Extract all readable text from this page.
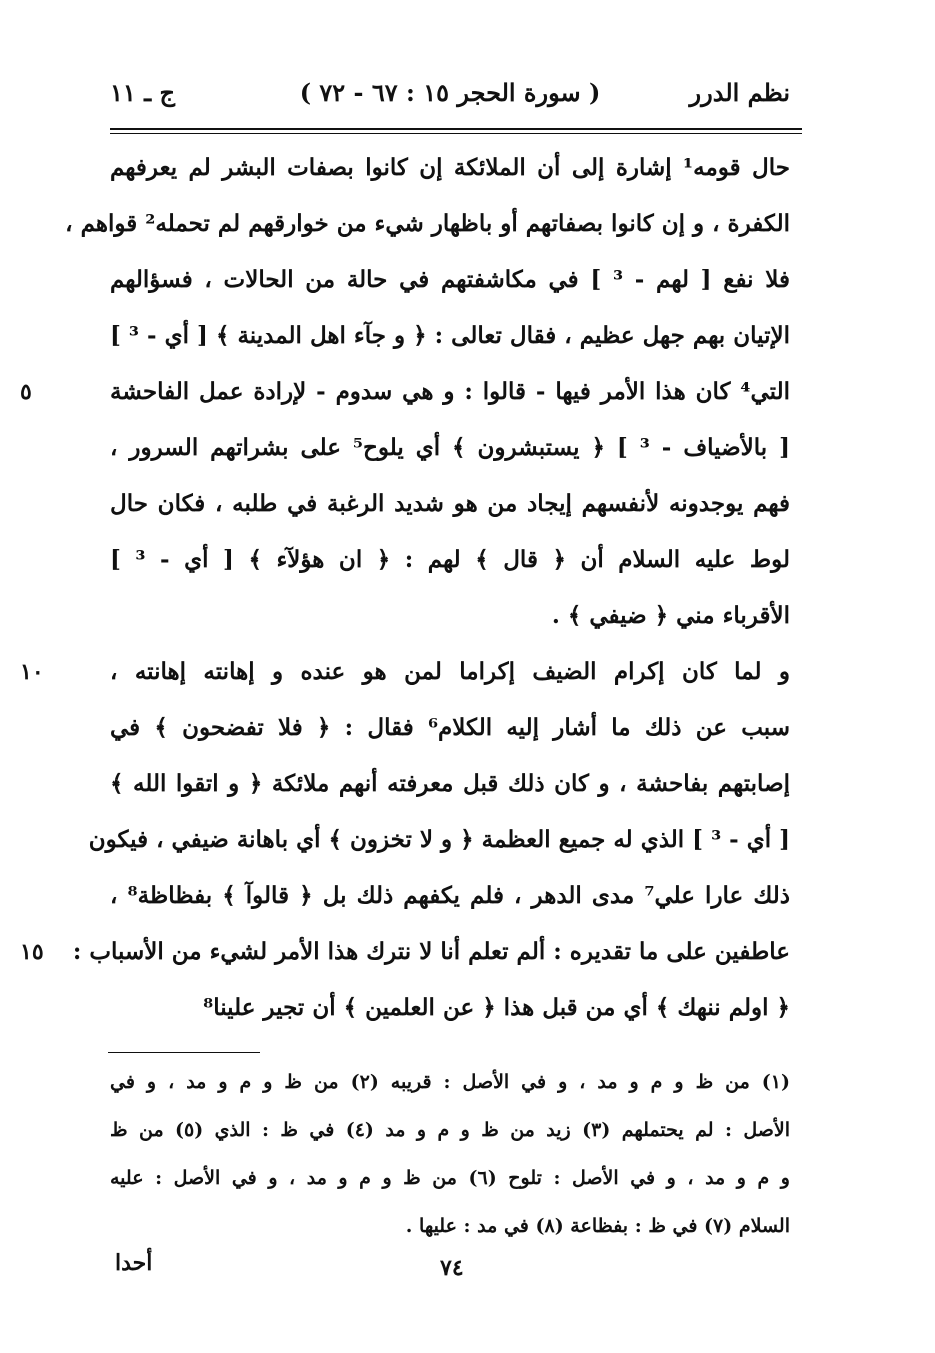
نظم الدرر
( سورة الحجر ١٥ : ٦٧ - ٧٢ )
ج ـ ١١
حال قومه¹ إشارة إلى أن الملائكة إن كانوا بصفات البشر لم يعرفهم
الكفرة ، و إن كانوا بصفاتهم أو باظهار شيء من خوارقهم لم تحمله² قواهم ،
فلا نفع [ لهم - ³ ] في مكاشفتهم في حالة من الحالات ، فسؤالهم
الإتيان بهم جهل عظيم ، فقال تعالى : ﴿ و جآء اهل المدينة ﴾ [ أي - ³ ]
التي⁴ كان هذا الأمر فيها - قالوا : و هي سدوم - لإرادة عمل الفاحشة
٥
[ بالأضياف - ³ ] ﴿ يستبشرون ﴾ أي يلوح⁵ على بشراتهم السرور ،
فهم يوجدونه لأنفسهم إيجاد من هو شديد الرغبة في طلبه ، فكان حال
لوط عليه السلام أن ﴿ قال ﴾ لهم : ﴿ ان هؤلآء ﴾ [ أي - ³ ]
الأقرباء مني ﴿ ضيفي ﴾ .
و لما كان إكرام الضيف إكراما لمن هو عنده و إهانته إهانته ،
١٠
سبب عن ذلك ما أشار إليه الكلام⁶ فقال : ﴿ فلا تفضحون ﴾ في
إصابتهم بفاحشة ، و كان ذلك قبل معرفته أنهم ملائكة ﴿ و اتقوا الله ﴾
[ أي - ³ ] الذي له جميع العظمة ﴿ و لا تخزون ﴾ أي باهانة ضيفي ، فيكون
ذلك عارا علي⁷ مدى الدهر ، فلم يكفهم ذلك بل ﴿ قالوآ ﴾ بفظاظة⁸ ،
عاطفين على ما تقديره : ألم تعلم أنا لا نترك هذا الأمر لشيء من الأسباب :
١٥
﴿ اولم ننهك ﴾ أي من قبل هذا ﴿ عن العلمين ﴾ أن تجير علينا⁸
(١) من ظ و م و مد ، و في الأصل : قريبه (٢) من ظ و م و مد ، و في
الأصل : لم يحتملهم (٣) زيد من ظ و م و مد (٤) في ظ : الذي (٥) من ظ
و م و مد ، و في الأصل : تلوح (٦) من ظ و م و مد ، و في الأصل : عليه
السلام (٧) في ظ : بفظاعة (٨) في مد : عليها .
أحدا	٧٤
